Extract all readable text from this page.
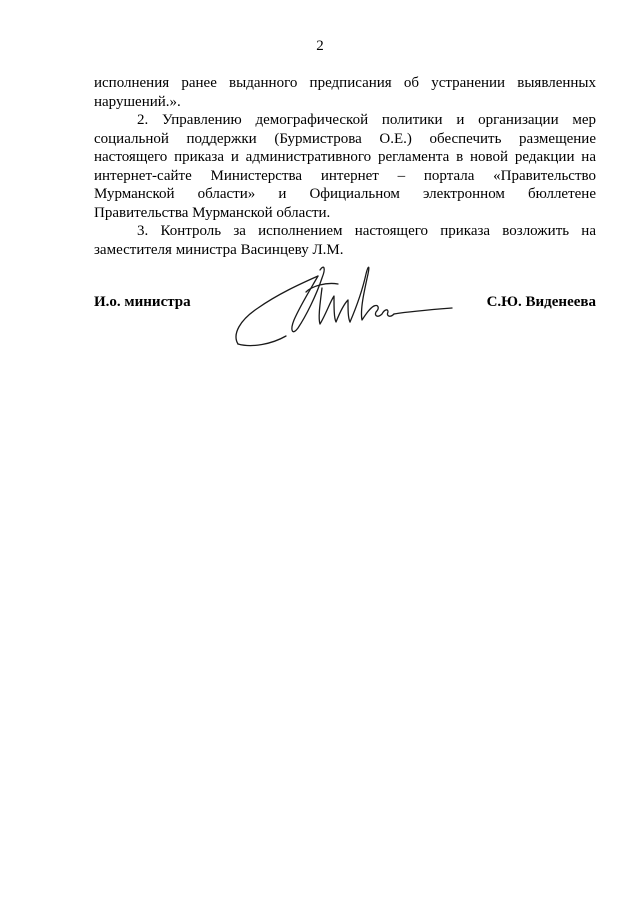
2

исполнения ранее выданного предписания об устранении выявленных нарушений.».

2. Управлению демографической политики и организации мер социальной поддержки (Бурмистрова О.Е.) обеспечить размещение настоящего приказа и административного регламента в новой редакции на интернет-сайте Министерства интернет – портала «Правительство Мурманской области» и Официальном электронном бюллетене Правительства Мурманской области.

3. Контроль за исполнением настоящего приказа возложить на заместителя министра Васинцеву Л.М.

И.о. министра	С.Ю. Виденеева
